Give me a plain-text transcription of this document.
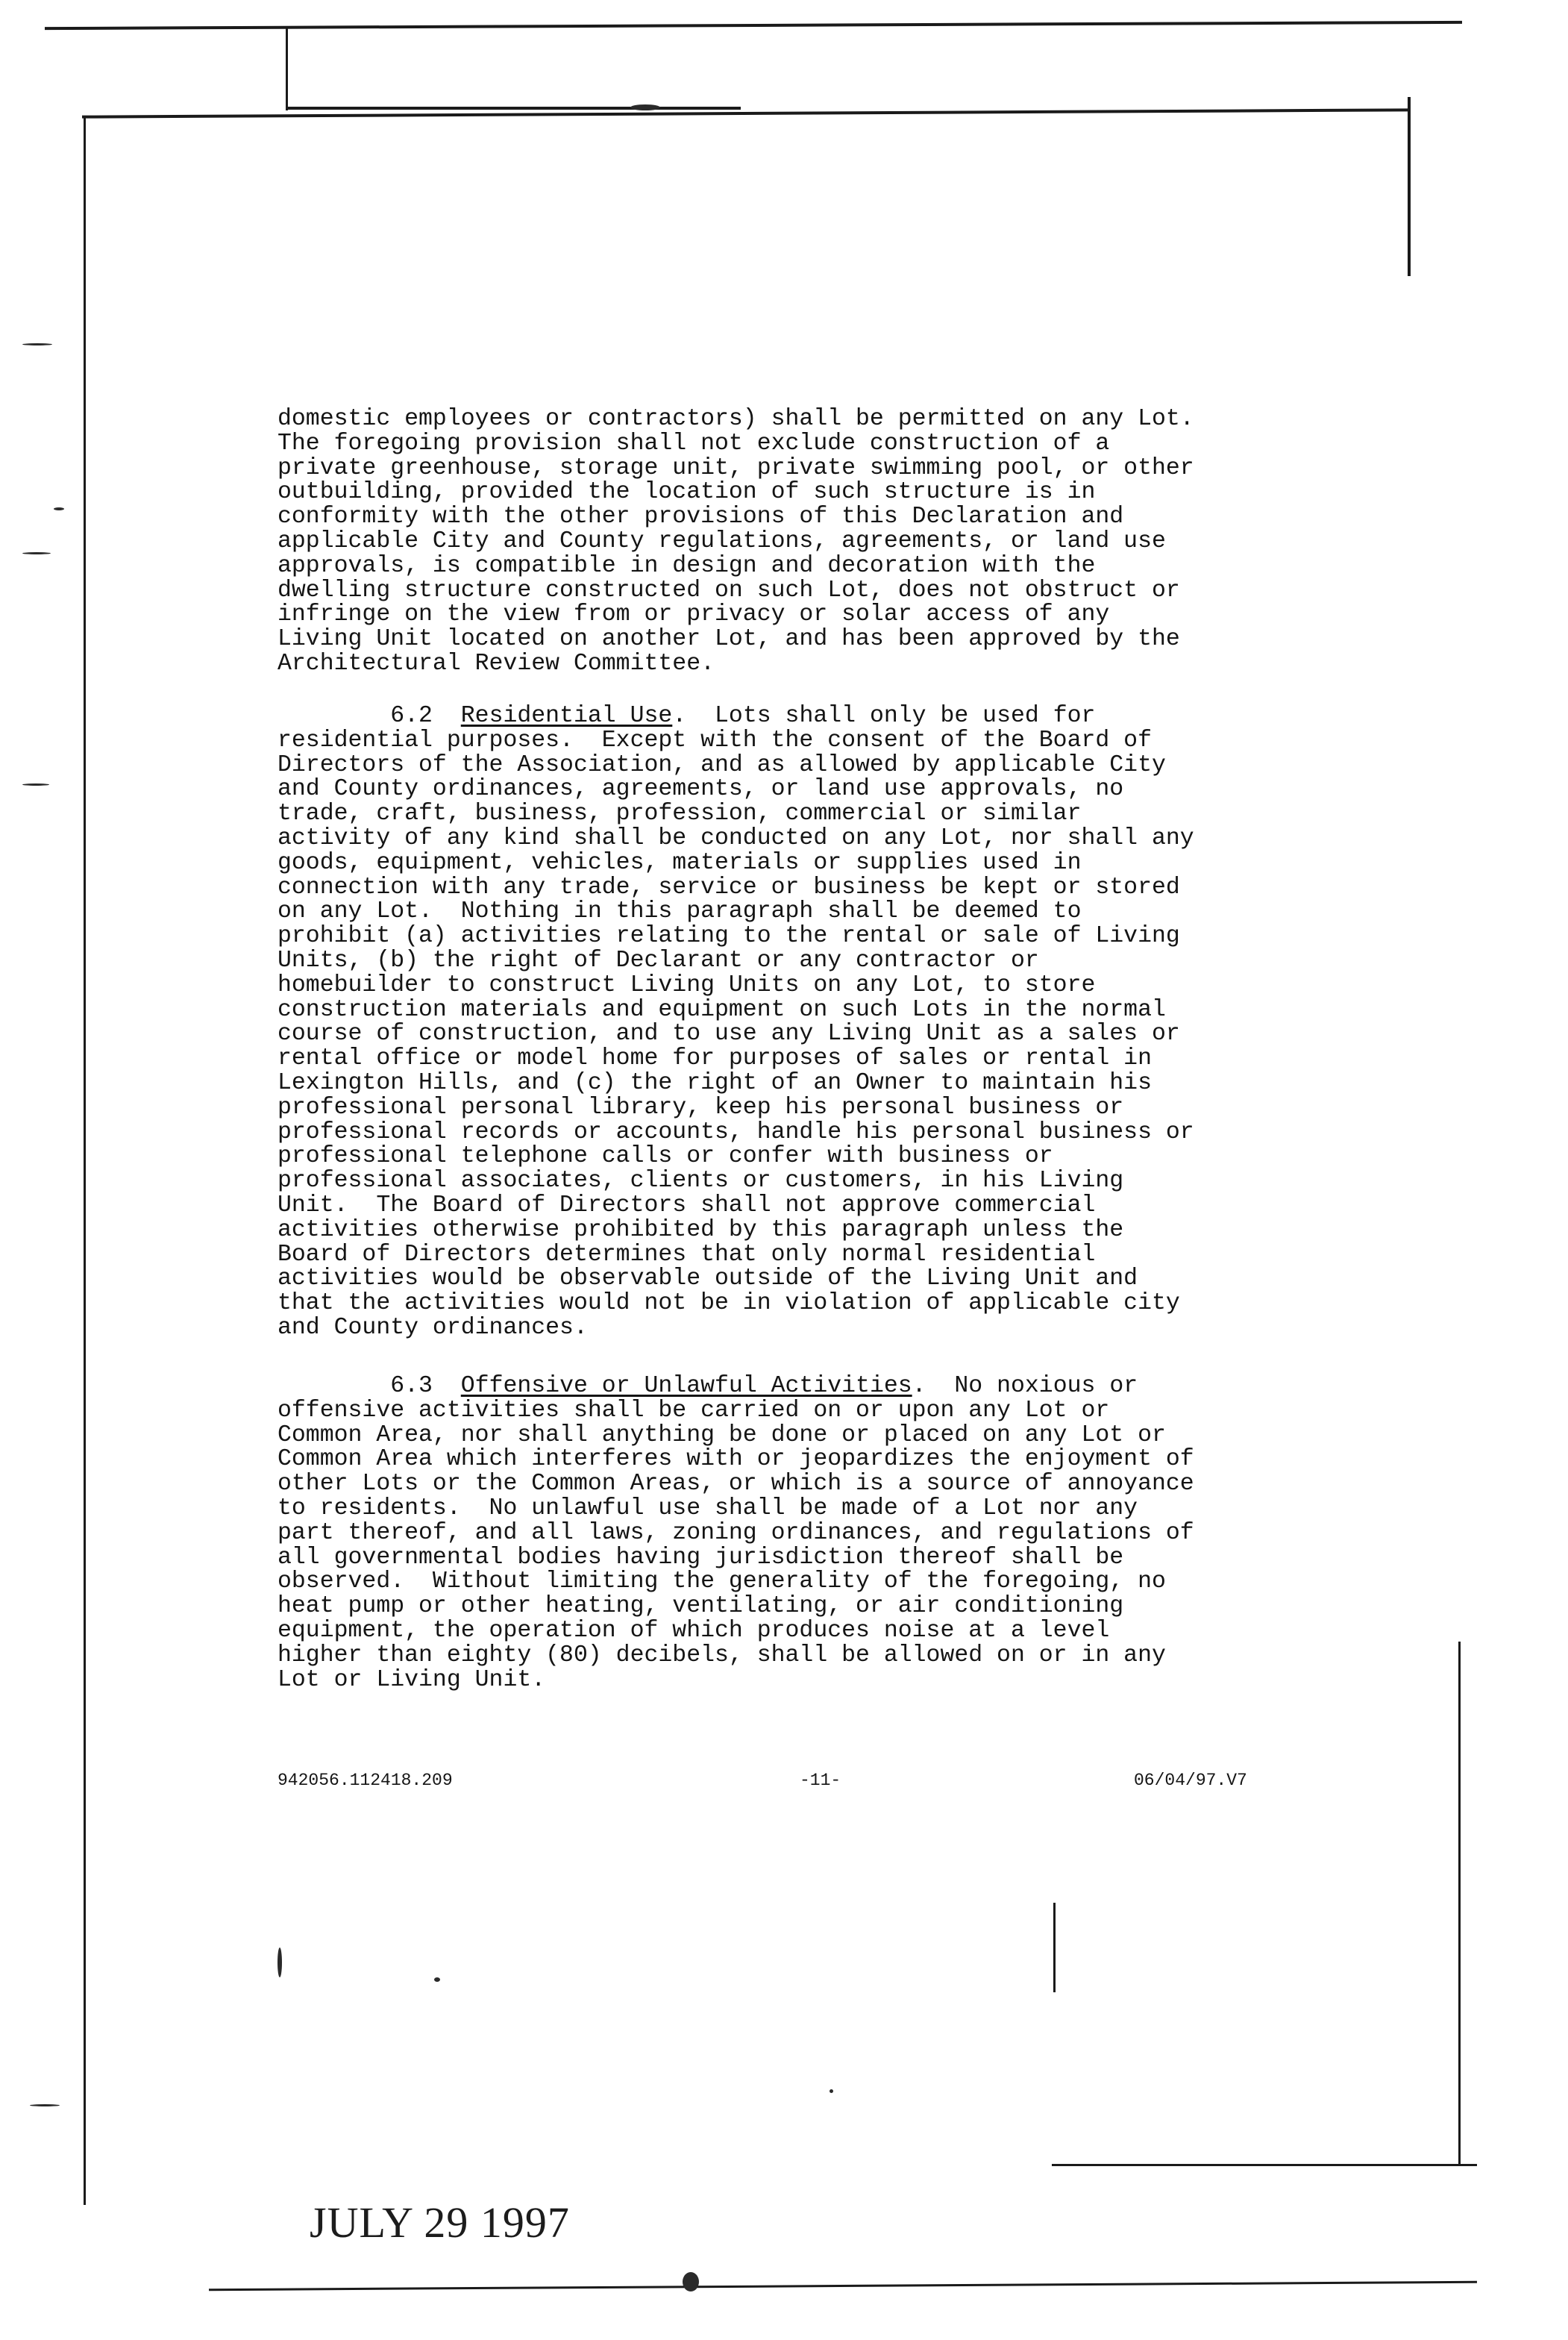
domestic employees or contractors) shall be permitted on any Lot.
The foregoing provision shall not exclude construction of a
private greenhouse, storage unit, private swimming pool, or other
outbuilding, provided the location of such structure is in
conformity with the other provisions of this Declaration and
applicable City and County regulations, agreements, or land use
approvals, is compatible in design and decoration with the
dwelling structure constructed on such Lot, does not obstruct or
infringe on the view from or privacy or solar access of any
Living Unit located on another Lot, and has been approved by the
Architectural Review Committee.
6.2 Residential Use.  Lots shall only be used for
residential purposes.  Except with the consent of the Board of
Directors of the Association, and as allowed by applicable City
and County ordinances, agreements, or land use approvals, no
trade, craft, business, profession, commercial or similar
activity of any kind shall be conducted on any Lot, nor shall any
goods, equipment, vehicles, materials or supplies used in
connection with any trade, service or business be kept or stored
on any Lot.  Nothing in this paragraph shall be deemed to
prohibit (a) activities relating to the rental or sale of Living
Units, (b) the right of Declarant or any contractor or
homebuilder to construct Living Units on any Lot, to store
construction materials and equipment on such Lots in the normal
course of construction, and to use any Living Unit as a sales or
rental office or model home for purposes of sales or rental in
Lexington Hills, and (c) the right of an Owner to maintain his
professional personal library, keep his personal business or
professional records or accounts, handle his personal business or
professional telephone calls or confer with business or
professional associates, clients or customers, in his Living
Unit.  The Board of Directors shall not approve commercial
activities otherwise prohibited by this paragraph unless the
Board of Directors determines that only normal residential
activities would be observable outside of the Living Unit and
that the activities would not be in violation of applicable city
and County ordinances.
6.3 Offensive or Unlawful Activities.  No noxious or
offensive activities shall be carried on or upon any Lot or
Common Area, nor shall anything be done or placed on any Lot or
Common Area which interferes with or jeopardizes the enjoyment of
other Lots or the Common Areas, or which is a source of annoyance
to residents.  No unlawful use shall be made of a Lot nor any
part thereof, and all laws, zoning ordinances, and regulations of
all governmental bodies having jurisdiction thereof shall be
observed.  Without limiting the generality of the foregoing, no
heat pump or other heating, ventilating, or air conditioning
equipment, the operation of which produces noise at a level
higher than eighty (80) decibels, shall be allowed on or in any
Lot or Living Unit.
942056.112418.209	-11-	06/04/97.V7
JULY 29 1997
